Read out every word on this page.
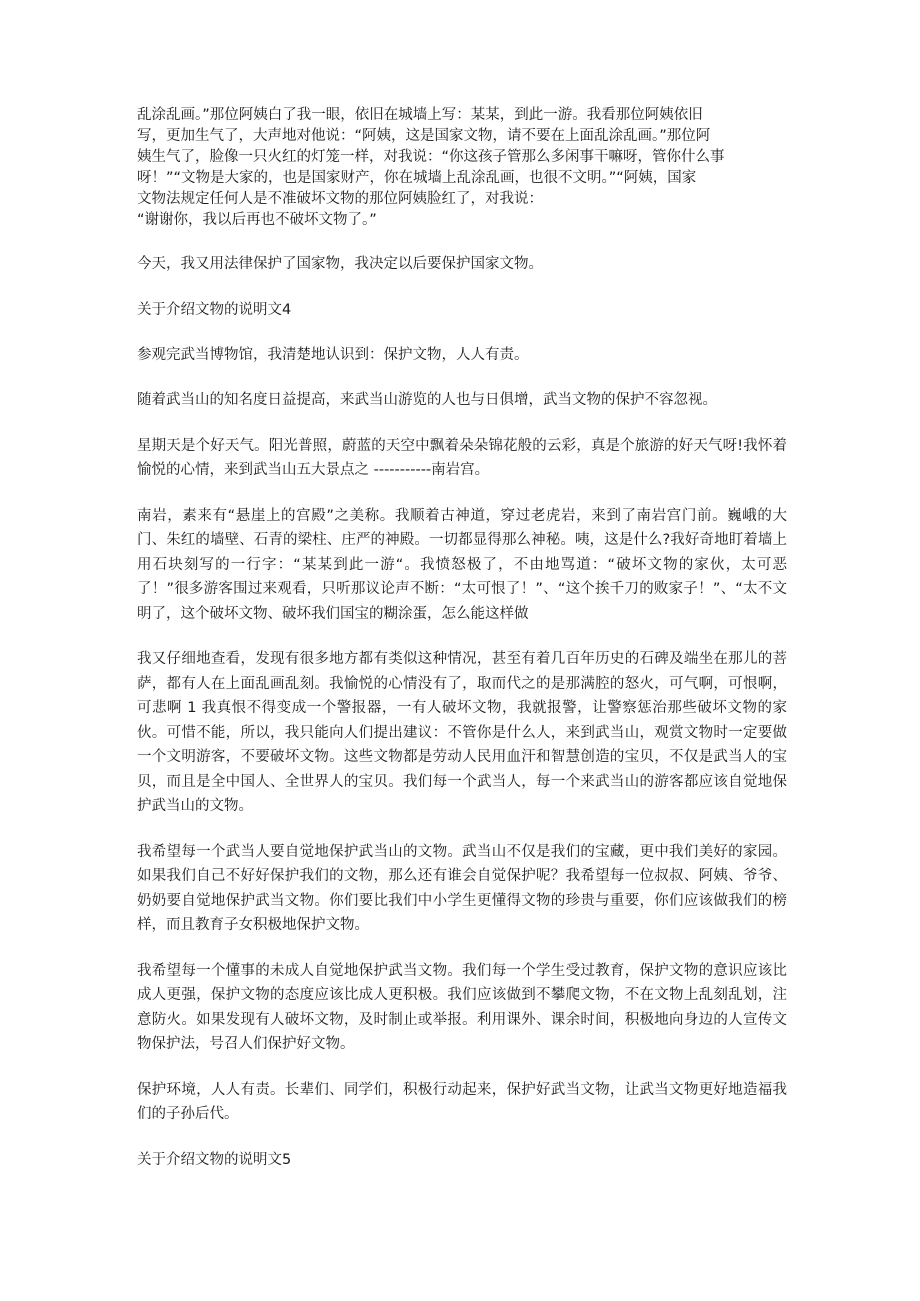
乱涂乱画。”那位阿姨白了我一眼，依旧在城墙上写：某某，到此一游。我看那位阿姨依旧
写，更加生气了，大声地对他说：“阿姨，这是国家文物，请不要在上面乱涂乱画。”那位阿
姨生气了，脸像一只火红的灯笼一样，对我说：“你这孩子管那么多闲事干嘛呀，管你什么事
呀！”“文物是大家的，也是国家财产，你在城墙上乱涂乱画，也很不文明。”“阿姨，国家
文物法规定任何人是不准破坏文物的那位阿姨脸红了，对我说：
“谢谢你，我以后再也不破坏文物了。”

今天，我又用法律保护了国家物，我决定以后要保护国家文物。

关于介绍文物的说明文4

参观完武当博物馆，我清楚地认识到：保护文物，人人有责。

随着武当山的知名度日益提高，来武当山游览的人也与日俱增，武当文物的保护不容忽视。

星期天是个好天气。阳光普照，蔚蓝的天空中飘着朵朵锦花般的云彩，真是个旅游的好天气呀!我怀着愉悦的心情，来到武当山五大景点之 -----------南岩宫。

南岩，素来有“悬崖上的宫殿”之美称。我顺着古神道，穿过老虎岩，来到了南岩宫门前。巍峨的大门、朱红的墙壁、石青的梁柱、庄严的神殿。一切都显得那么神秘。咦，这是什么?我好奇地盯着墙上用石块刻写的一行字：“某某到此一游“。我愤怒极了，不由地骂道：“破坏文物的家伙，太可恶了！”很多游客围过来观看，只听那议论声不断：“太可恨了！”、“这个挨千刀的败家子！”、“太不文明了，这个破坏文物、破坏我们国宝的糊涂蛋，怎么能这样做

我又仔细地查看，发现有很多地方都有类似这种情况，甚至有着几百年历史的石碑及端坐在那儿的菩萨，都有人在上面乱画乱刻。我愉悦的心情没有了，取而代之的是那满腔的怒火，可气啊，可恨啊，可悲啊 1 我真恨不得变成一个警报器，一有人破坏文物，我就报警，让警察惩治那些破坏文物的家伙。可惜不能，所以，我只能向人们提出建议：不管你是什么人，来到武当山，观赏文物时一定要做一个文明游客，不要破坏文物。这些文物都是劳动人民用血汗和智慧创造的宝贝，不仅是武当人的宝贝，而且是全中国人、全世界人的宝贝。我们每一个武当人，每一个来武当山的游客都应该自觉地保护武当山的文物。

我希望每一个武当人要自觉地保护武当山的文物。武当山不仅是我们的宝藏，更中我们美好的家园。如果我们自己不好好保护我们的文物，那么还有谁会自觉保护呢？我希望每一位叔叔、阿姨、爷爷、奶奶要自觉地保护武当文物。你们要比我们中小学生更懂得文物的珍贵与重要，你们应该做我们的榜样，而且教育子女积极地保护文物。

我希望每一个懂事的未成人自觉地保护武当文物。我们每一个学生受过教育，保护文物的意识应该比成人更强，保护文物的态度应该比成人更积极。我们应该做到不攀爬文物，不在文物上乱刻乱划，注意防火。如果发现有人破坏文物，及时制止或举报。利用课外、课余时间，积极地向身边的人宣传文物保护法，号召人们保护好文物。

保护环境，人人有责。长辈们、同学们，积极行动起来，保护好武当文物，让武当文物更好地造福我们的子孙后代。

关于介绍文物的说明文5
